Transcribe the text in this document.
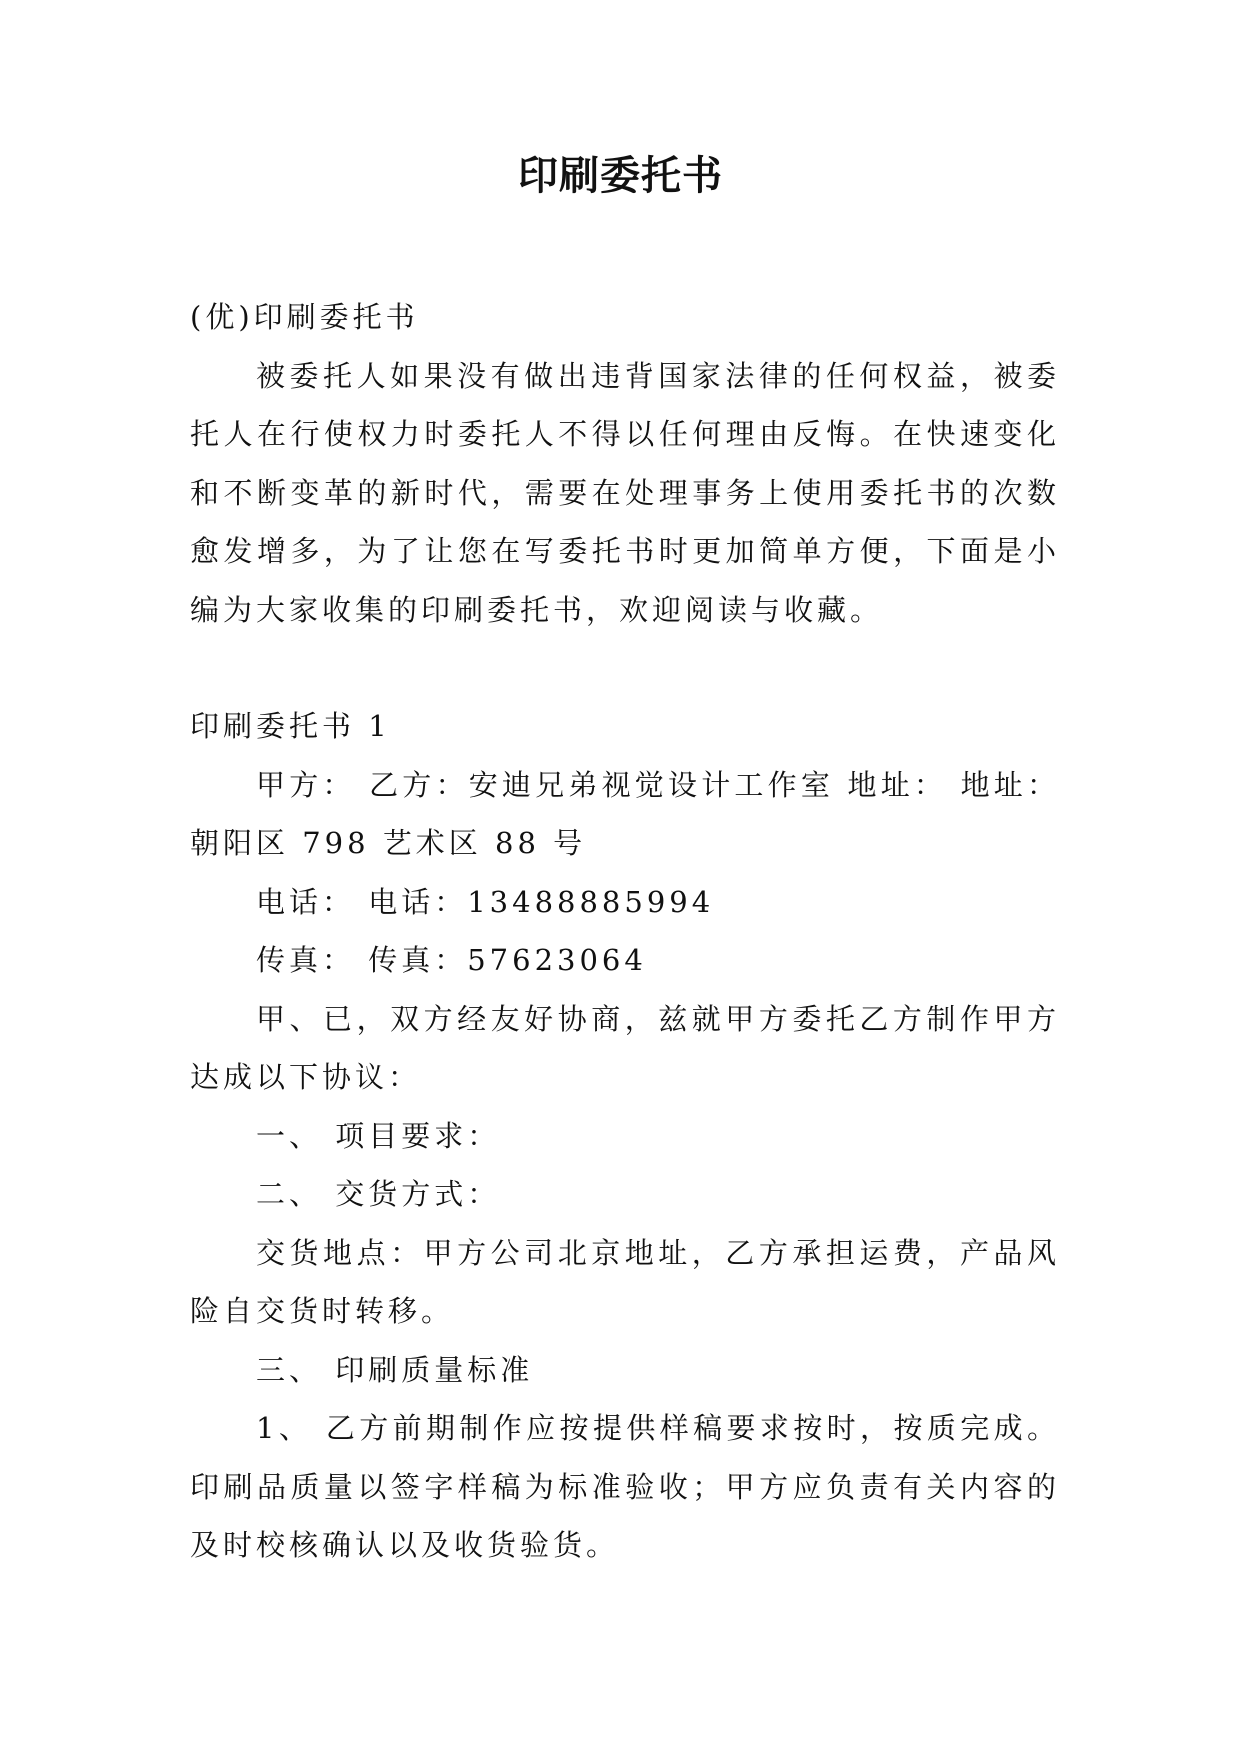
印刷委托书

(优)印刷委托书

被委托人如果没有做出违背国家法律的任何权益，被委托人在行使权力时委托人不得以任何理由反悔。在快速变化和不断变革的新时代，需要在处理事务上使用委托书的次数愈发增多，为了让您在写委托书时更加简单方便，下面是小编为大家收集的印刷委托书，欢迎阅读与收藏。

印刷委托书 1

甲方： 乙方：安迪兄弟视觉设计工作室 地址： 地址：朝阳区 798 艺术区 88 号

电话： 电话：13488885994

传真： 传真：57623064

甲、已，双方经友好协商，兹就甲方委托乙方制作甲方达成以下协议：

一、 项目要求：

二、 交货方式：

交货地点：甲方公司北京地址，乙方承担运费，产品风险自交货时转移。

三、 印刷质量标准

1、 乙方前期制作应按提供样稿要求按时，按质完成。印刷品质量以签字样稿为标准验收；甲方应负责有关内容的及时校核确认以及收货验货。
